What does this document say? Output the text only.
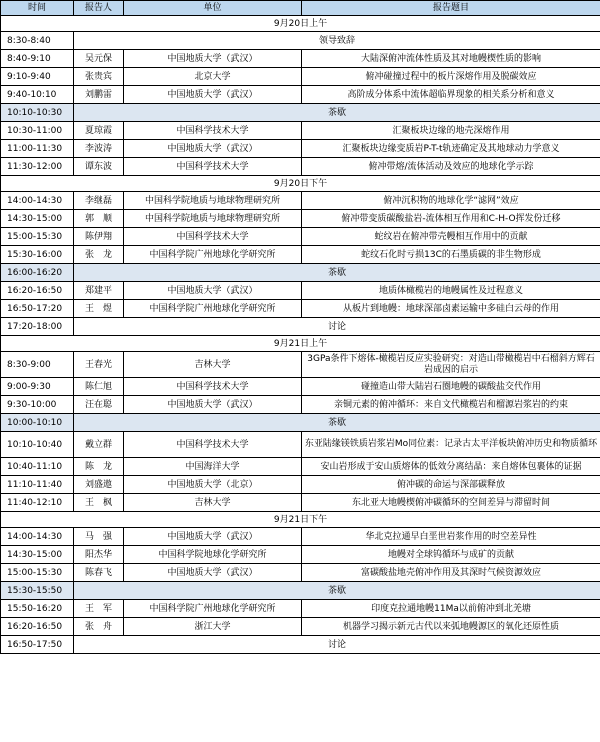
时间	报告人	单位	报告题目
9月20日上午			
8:30-8:40	领导致辞		
8:40-9:10	吴元保	中国地质大学（武汉）	大陆深俯冲流体性质及其对地幔楔性质的影响
9:10-9:40	张贵宾	北京大学	俯冲碰撞过程中的板片深熔作用及脱碳效应
9:40-10:10	刘鹏雷	中国地质大学（武汉）	高阶成分体系中流体超临界现象的相关系分析和意义
10:10-10:30	茶歇		
10:30-11:00	夏琼霞	中国科学技术大学	汇聚板块边缘的地壳深熔作用
11:00-11:30	李波涛	中国地质大学（武汉）	汇聚板块边缘变质岩P-T-t轨迹确定及其地球动力学意义
11:30-12:00	谭东波	中国科学技术大学	俯冲带熔/流体活动及效应的地球化学示踪
9月20日下午			
14:00-14:30	李继磊	中国科学院地质与地球物理研究所	俯冲沉积物的地球化学“滤网”效应
14:30-15:00	郭　顺	中国科学院地质与地球物理研究所	俯冲带变质碳酸盐岩-流体相互作用和C-H-O挥发份迁移
15:00-15:30	陈伊翔	中国科学技术大学	蛇纹岩在俯冲带壳幔相互作用中的贡献
15:30-16:00	张　龙	中国科学院广州地球化学研究所	蛇纹石化时亏损13C的石墨质碳的非生物形成
16:00-16:20	茶歇		
16:20-16:50	郑建平	中国地质大学（武汉）	地质体橄榄岩的地幔属性及过程意义
16:50-17:20	王　煜	中国科学院广州地球化学研究所	从板片到地幔：地球深部卤素运输中多硅白云母的作用
17:20-18:00	讨论		
9月21日上午			
8:30-9:00	王春光	吉林大学	3GPa条件下熔体-橄榄岩反应实验研究：对造山带橄榄岩中石榴斜方辉石岩成因的启示
9:00-9:30	陈仁旭	中国科学技术大学	碰撞造山带大陆岩石圈地幔的碳酸盐交代作用
9:30-10:00	汪在聪	中国地质大学（武汉）	亲铜元素的俯冲循环：来自文代橄榄岩和榴源岩浆岩的约束
10:00-10:10	茶歇		
10:10-10:40	戴立群	中国科学技术大学	东亚陆缘镁铁质岩浆岩Mo同位素：记录古太平洋板块俯冲历史和物质循环
10:40-11:10	陈　龙	中国海洋大学	安山岩形成于安山质熔体的低效分离结晶：来自熔体包裹体的证据
11:10-11:40	刘盛遨	中国地质大学（北京）	俯冲碳的命运与深部碳释放
11:40-12:10	王　枫	吉林大学	东北亚大地幔楔俯冲碳循环的空间差异与滞留时间
9月21日下午			
14:00-14:30	马　强	中国地质大学（武汉）	华北克拉通早白垩世岩浆作用的时空差异性
14:30-15:00	阳杰华	中国科学院地球化学研究所	地幔对全球钨循环与成矿的贡献
15:00-15:30	陈春飞	中国地质大学（武汉）	富碳酸盐地壳俯冲作用及其深时气候资源效应
15:30-15:50	茶歇		
15:50-16:20	王　军	中国科学院广州地球化学研究所	印度克拉通地幔11Ma以前俯冲到北羌塘
16:20-16:50	张　舟	浙江大学	机器学习揭示新元古代以来弧地幔源区的氧化还原性质
16:50-17:50	讨论		
